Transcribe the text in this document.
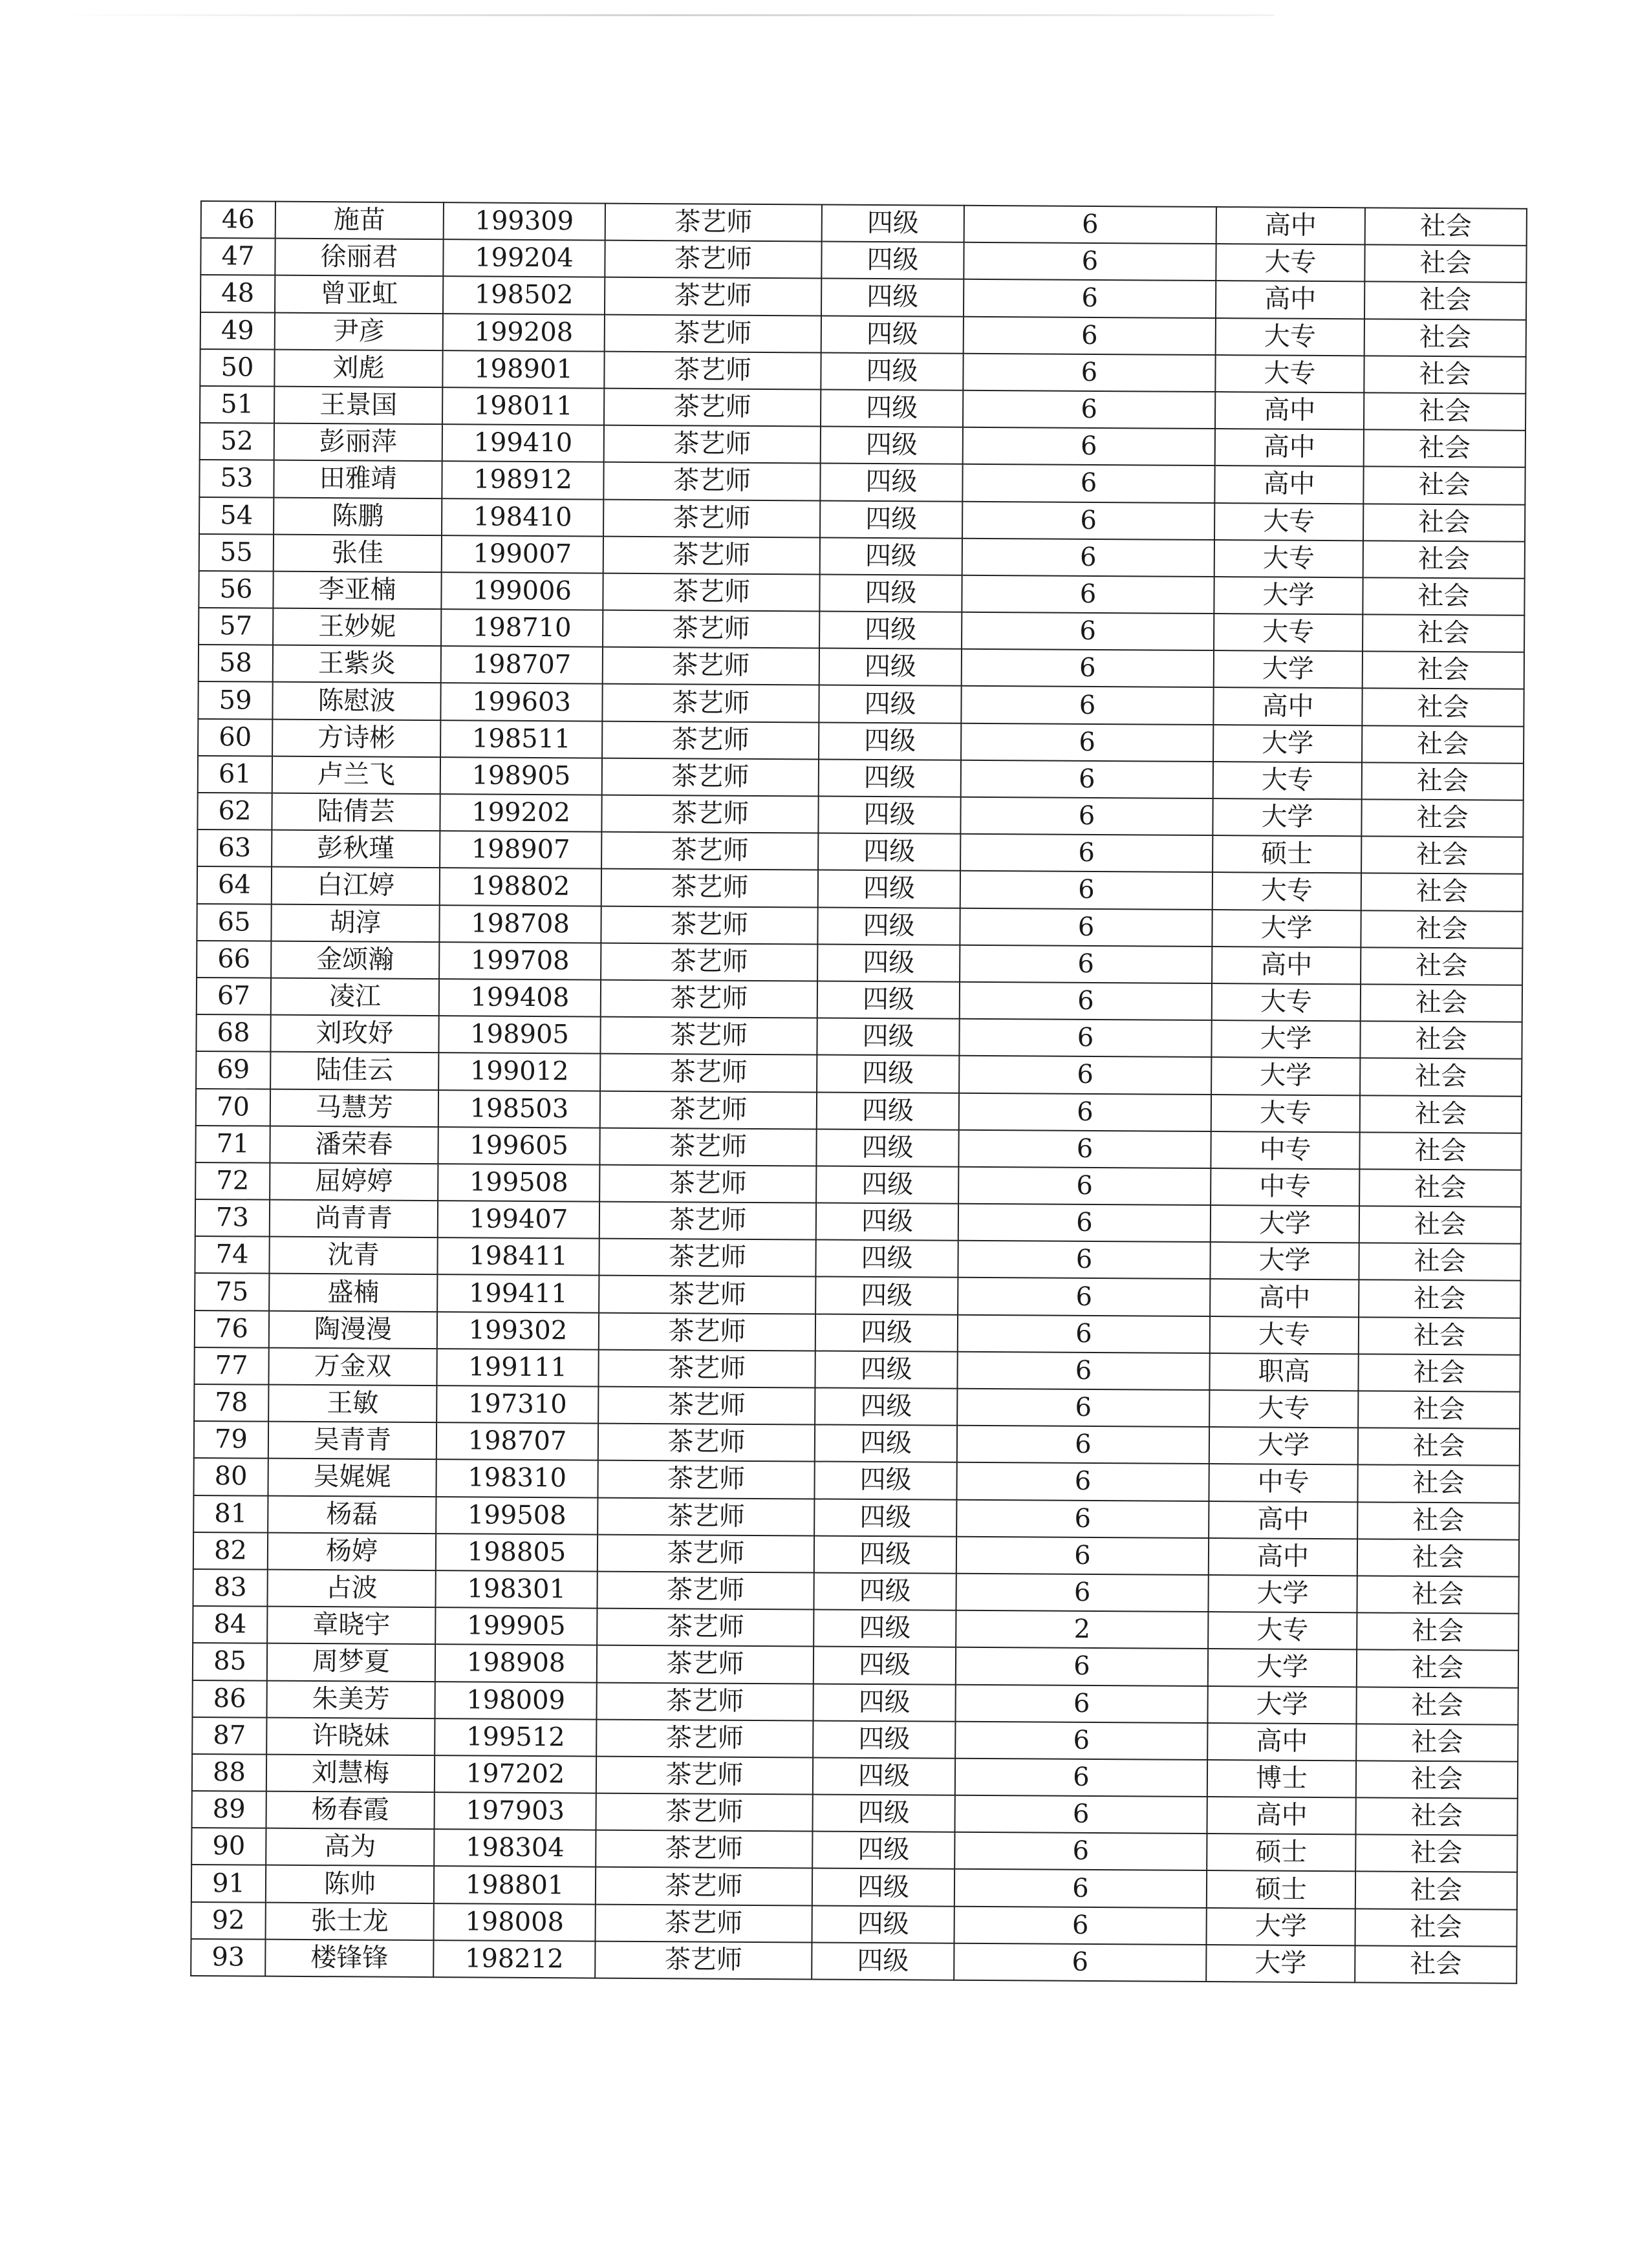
46	施苗	199309	茶艺师	四级	6	高中	社会
47	徐丽君	199204	茶艺师	四级	6	大专	社会
48	曾亚虹	198502	茶艺师	四级	6	高中	社会
49	尹彦	199208	茶艺师	四级	6	大专	社会
50	刘彪	198901	茶艺师	四级	6	大专	社会
51	王景国	198011	茶艺师	四级	6	高中	社会
52	彭丽萍	199410	茶艺师	四级	6	高中	社会
53	田雅靖	198912	茶艺师	四级	6	高中	社会
54	陈鹏	198410	茶艺师	四级	6	大专	社会
55	张佳	199007	茶艺师	四级	6	大专	社会
56	李亚楠	199006	茶艺师	四级	6	大学	社会
57	王妙妮	198710	茶艺师	四级	6	大专	社会
58	王紫炎	198707	茶艺师	四级	6	大学	社会
59	陈慰波	199603	茶艺师	四级	6	高中	社会
60	方诗彬	198511	茶艺师	四级	6	大学	社会
61	卢兰飞	198905	茶艺师	四级	6	大专	社会
62	陆倩芸	199202	茶艺师	四级	6	大学	社会
63	彭秋瑾	198907	茶艺师	四级	6	硕士	社会
64	白江婷	198802	茶艺师	四级	6	大专	社会
65	胡淳	198708	茶艺师	四级	6	大学	社会
66	金颂瀚	199708	茶艺师	四级	6	高中	社会
67	凌江	199408	茶艺师	四级	6	大专	社会
68	刘玫妤	198905	茶艺师	四级	6	大学	社会
69	陆佳云	199012	茶艺师	四级	6	大学	社会
70	马慧芳	198503	茶艺师	四级	6	大专	社会
71	潘荣春	199605	茶艺师	四级	6	中专	社会
72	屈婷婷	199508	茶艺师	四级	6	中专	社会
73	尚青青	199407	茶艺师	四级	6	大学	社会
74	沈青	198411	茶艺师	四级	6	大学	社会
75	盛楠	199411	茶艺师	四级	6	高中	社会
76	陶漫漫	199302	茶艺师	四级	6	大专	社会
77	万金双	199111	茶艺师	四级	6	职高	社会
78	王敏	197310	茶艺师	四级	6	大专	社会
79	吴青青	198707	茶艺师	四级	6	大学	社会
80	吴娓娓	198310	茶艺师	四级	6	中专	社会
81	杨磊	199508	茶艺师	四级	6	高中	社会
82	杨婷	198805	茶艺师	四级	6	高中	社会
83	占波	198301	茶艺师	四级	6	大学	社会
84	章晓宇	199905	茶艺师	四级	2	大专	社会
85	周梦夏	198908	茶艺师	四级	6	大学	社会
86	朱美芳	198009	茶艺师	四级	6	大学	社会
87	许晓妹	199512	茶艺师	四级	6	高中	社会
88	刘慧梅	197202	茶艺师	四级	6	博士	社会
89	杨春霞	197903	茶艺师	四级	6	高中	社会
90	高为	198304	茶艺师	四级	6	硕士	社会
91	陈帅	198801	茶艺师	四级	6	硕士	社会
92	张士龙	198008	茶艺师	四级	6	大学	社会
93	楼锋锋	198212	茶艺师	四级	6	大学	社会
